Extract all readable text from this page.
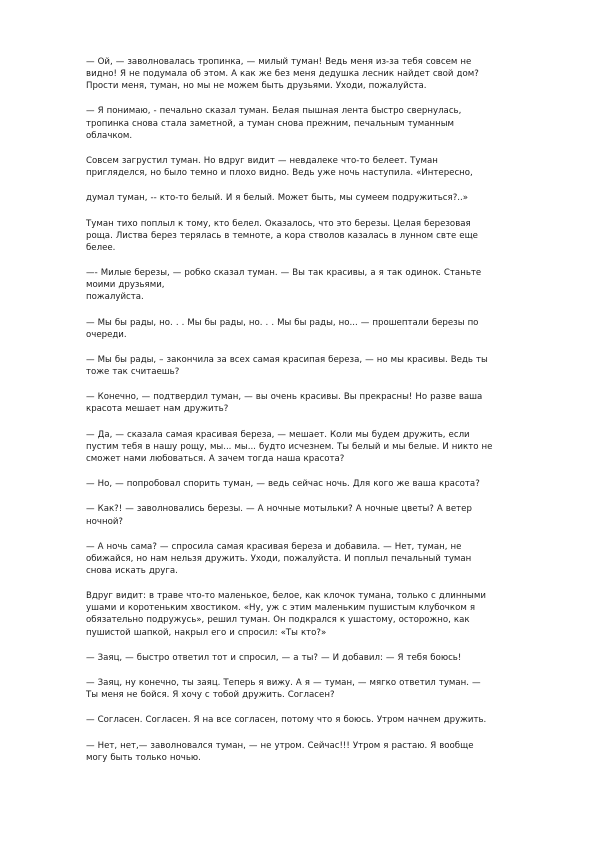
— Ой, — заволновалась тропинка, — милый туман! Ведь меня из-за тебя совсем не
видно! Я не подумала об этом. А как же без меня дедушка лесник найдет свой дом?
Прости меня, туман, но мы не можем быть друзьями. Уходи, пожалуйста.

— Я понимаю, - печально сказал туман. Белая пышная лента быстро свернулась,
тропинка снова стала заметной, а туман снова прежним, печальным туманным
облачком.

Совсем загрустил туман. Но вдруг видит — невдалеке что-то белеет. Туман
пригляделся, но было темно и плохо видно. Ведь уже ночь наступила. «Интересно,

думал туман, -- кто-то белый. И я белый. Может быть, мы сумеем подружиться?..»

Туман тихо поплыл к тому, кто белел. Оказалось, что это березы. Целая березовая
роща. Листва берез терялась в темноте, а кора стволов казалась в лунном свте еще
белее.

—- Милые березы, — робко сказал туман. — Вы так красивы, а я так одинок. Станьте
моими друзьями,
пожалуйста.

— Мы бы рады, но. . . Мы бы рады, но. . . Мы бы рады, но... — прошептали березы по
очереди.

— Мы бы рады, – закончила за всех самая красипая береза, — но мы красивы. Ведь ты
тоже так считаешь?

— Конечно, — подтвердил туман, — вы очень красивы. Вы прекрасны! Но разве ваша
красота мешает нам дружить?

— Да, — сказала самая красивая береза, — мешает. Коли мы будем дружить, если
пустим тебя в нашу рощу, мы... мы... будто исчезнем. Ты белый и мы белые. И никто не
сможет нами любоваться. А зачем тогда наша красота?

— Но, — попробовал спорить туман, — ведь сейчас ночь. Для кого же ваша красота?

— Как?! — заволновались березы. — А ночные мотыльки? А ночные цветы? А ветер
ночной?

— А ночь сама? — спросила самая красивая береза и добавила. — Нет, туман, не
обижайся, но нам нельзя дружить. Уходи, пожалуйста. И поплыл печальный туман
снова искать друга.

Вдруг видит: в траве что-то маленькое, белое, как клочок тумана, только с длинными
ушами и коротеньким хвостиком. «Ну, уж с этим маленьким пушистым клубочком я
обязательно подружусь», решил туман. Он подкрался к ушастому, осторожно, как
пушистой шапкой, накрыл его и спросил: «Ты кто?»

— Заяц, — быстро ответил тот и спросил, — а ты? — И добавил: — Я тебя боюсь!

— Заяц, ну конечно, ты заяц. Теперь я вижу. А я — туман, — мягко ответил туман. —
Ты меня не бойся. Я хочу с тобой дружить. Согласен?

— Согласен. Согласен. Я на все согласен, потому что я боюсь. Утром начнем дружить.

— Нет, нет,— заволновался туман, — не утром. Сейчас!!! Утром я растаю. Я вообще
могу быть только ночью.
